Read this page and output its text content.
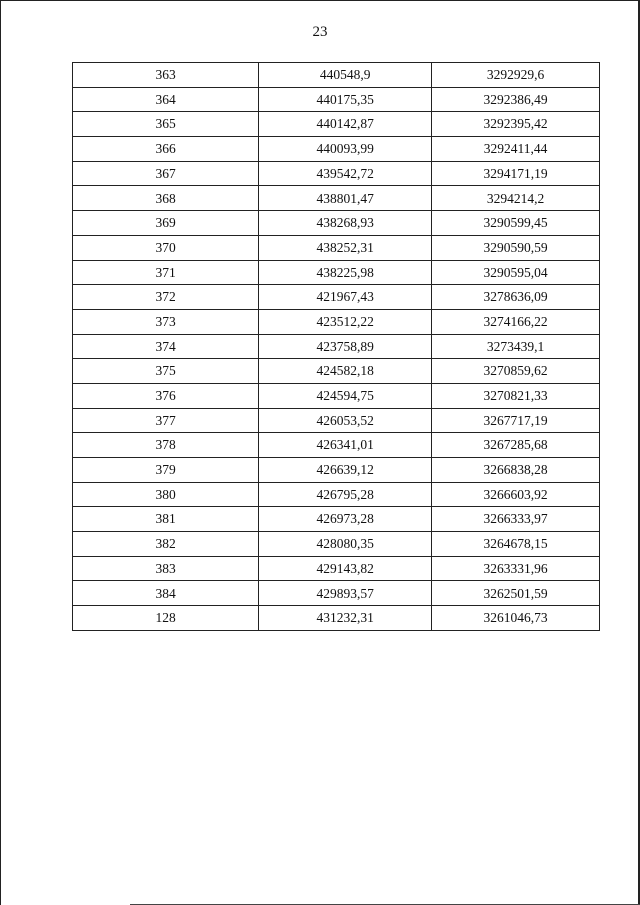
23
363	440548,9	3292929,6
364	440175,35	3292386,49
365	440142,87	3292395,42
366	440093,99	3292411,44
367	439542,72	3294171,19
368	438801,47	3294214,2
369	438268,93	3290599,45
370	438252,31	3290590,59
371	438225,98	3290595,04
372	421967,43	3278636,09
373	423512,22	3274166,22
374	423758,89	3273439,1
375	424582,18	3270859,62
376	424594,75	3270821,33
377	426053,52	3267717,19
378	426341,01	3267285,68
379	426639,12	3266838,28
380	426795,28	3266603,92
381	426973,28	3266333,97
382	428080,35	3264678,15
383	429143,82	3263331,96
384	429893,57	3262501,59
128	431232,31	3261046,73
